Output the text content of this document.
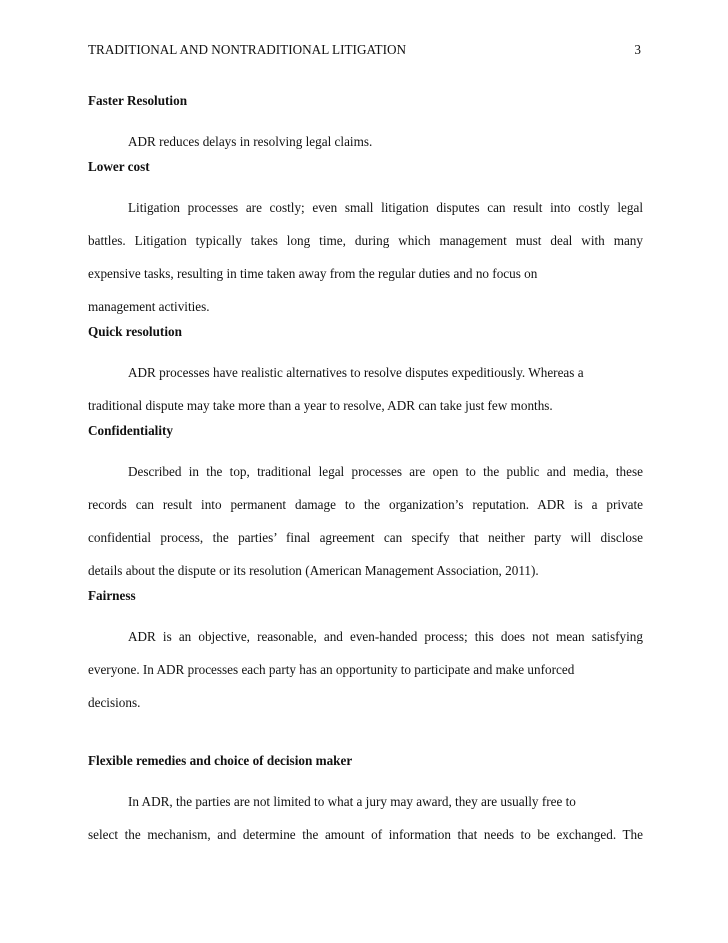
TRADITIONAL AND NONTRADITIONAL LITIGATION	3
Faster Resolution

ADR reduces delays in resolving legal claims.

Lower cost

Litigation processes are costly; even small litigation disputes can result into costly legal
battles. Litigation typically takes long time, during which management must deal with many
expensive tasks, resulting in time taken away from the regular duties and no focus on
management activities.

Quick resolution

ADR processes have realistic alternatives to resolve disputes expeditiously. Whereas a
traditional dispute may take more than a year to resolve, ADR can take just few months.

Confidentiality

Described in the top, traditional legal processes are open to the public and media, these
records can result into permanent damage to the organization’s reputation. ADR is a private
confidential process, the parties’ final agreement can specify that neither party will disclose
details about the dispute or its resolution (American Management Association, 2011).

Fairness

ADR is an objective, reasonable, and even-handed process; this does not mean satisfying
everyone. In ADR processes each party has an opportunity to participate and make unforced
decisions.

Flexible remedies and choice of decision maker

In ADR, the parties are not limited to what a jury may award, they are usually free to
select the mechanism, and determine the amount of information that needs to be exchanged. The
